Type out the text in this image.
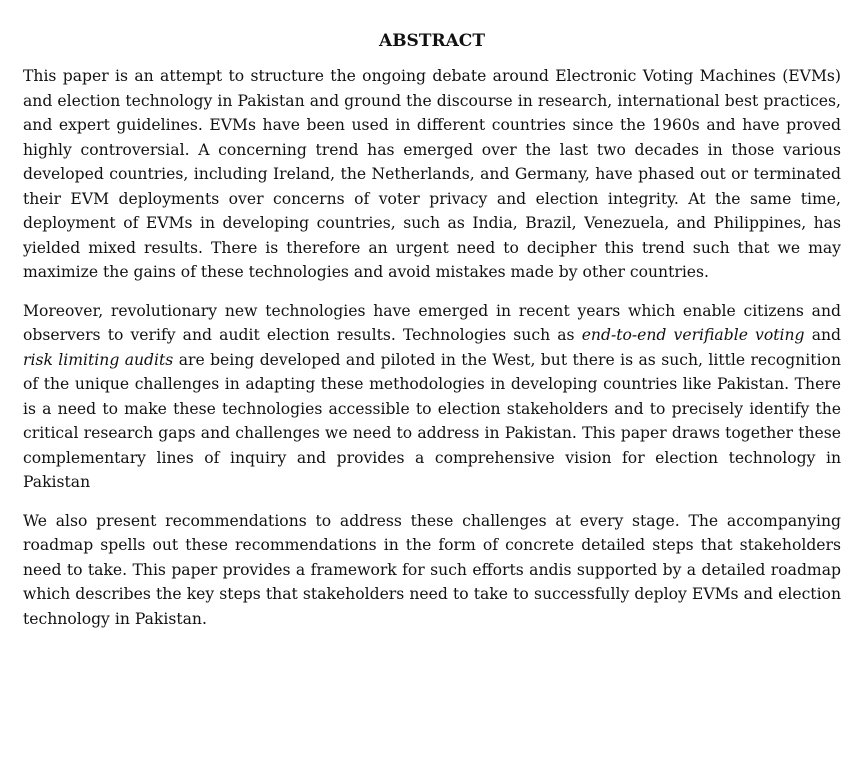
ABSTRACT

This paper is an attempt to structure the ongoing debate around Electronic Voting Machines (EVMs) and election technology in Pakistan and ground the discourse in research, international best practices, and expert guidelines. EVMs have been used in different countries since the 1960s and have proved highly controversial. A concerning trend has emerged over the last two decades in those various developed countries, including Ireland, the Netherlands, and Germany, have phased out or terminated their EVM deployments over concerns of voter privacy and election integrity. At the same time, deployment of EVMs in developing countries, such as India, Brazil, Venezuela, and Philippines, has yielded mixed results. There is therefore an urgent need to decipher this trend such that we may maximize the gains of these technologies and avoid mistakes made by other countries.

Moreover, revolutionary new technologies have emerged in recent years which enable citizens and observers to verify and audit election results. Technologies such as end-to-end verifiable voting and risk limiting audits are being developed and piloted in the West, but there is as such, little recognition of the unique challenges in adapting these methodologies in developing countries like Pakistan. There is a need to make these technologies accessible to election stakeholders and to precisely identify the critical research gaps and challenges we need to address in Pakistan. This paper draws together these complementary lines of inquiry and provides a comprehensive vision for election technology in Pakistan

We also present recommendations to address these challenges at every stage. The accompanying roadmap spells out these recommendations in the form of concrete detailed steps that stakeholders need to take. This paper provides a framework for such efforts andis supported by a detailed roadmap which describes the key steps that stakeholders need to take to successfully deploy EVMs and election technology in Pakistan.
